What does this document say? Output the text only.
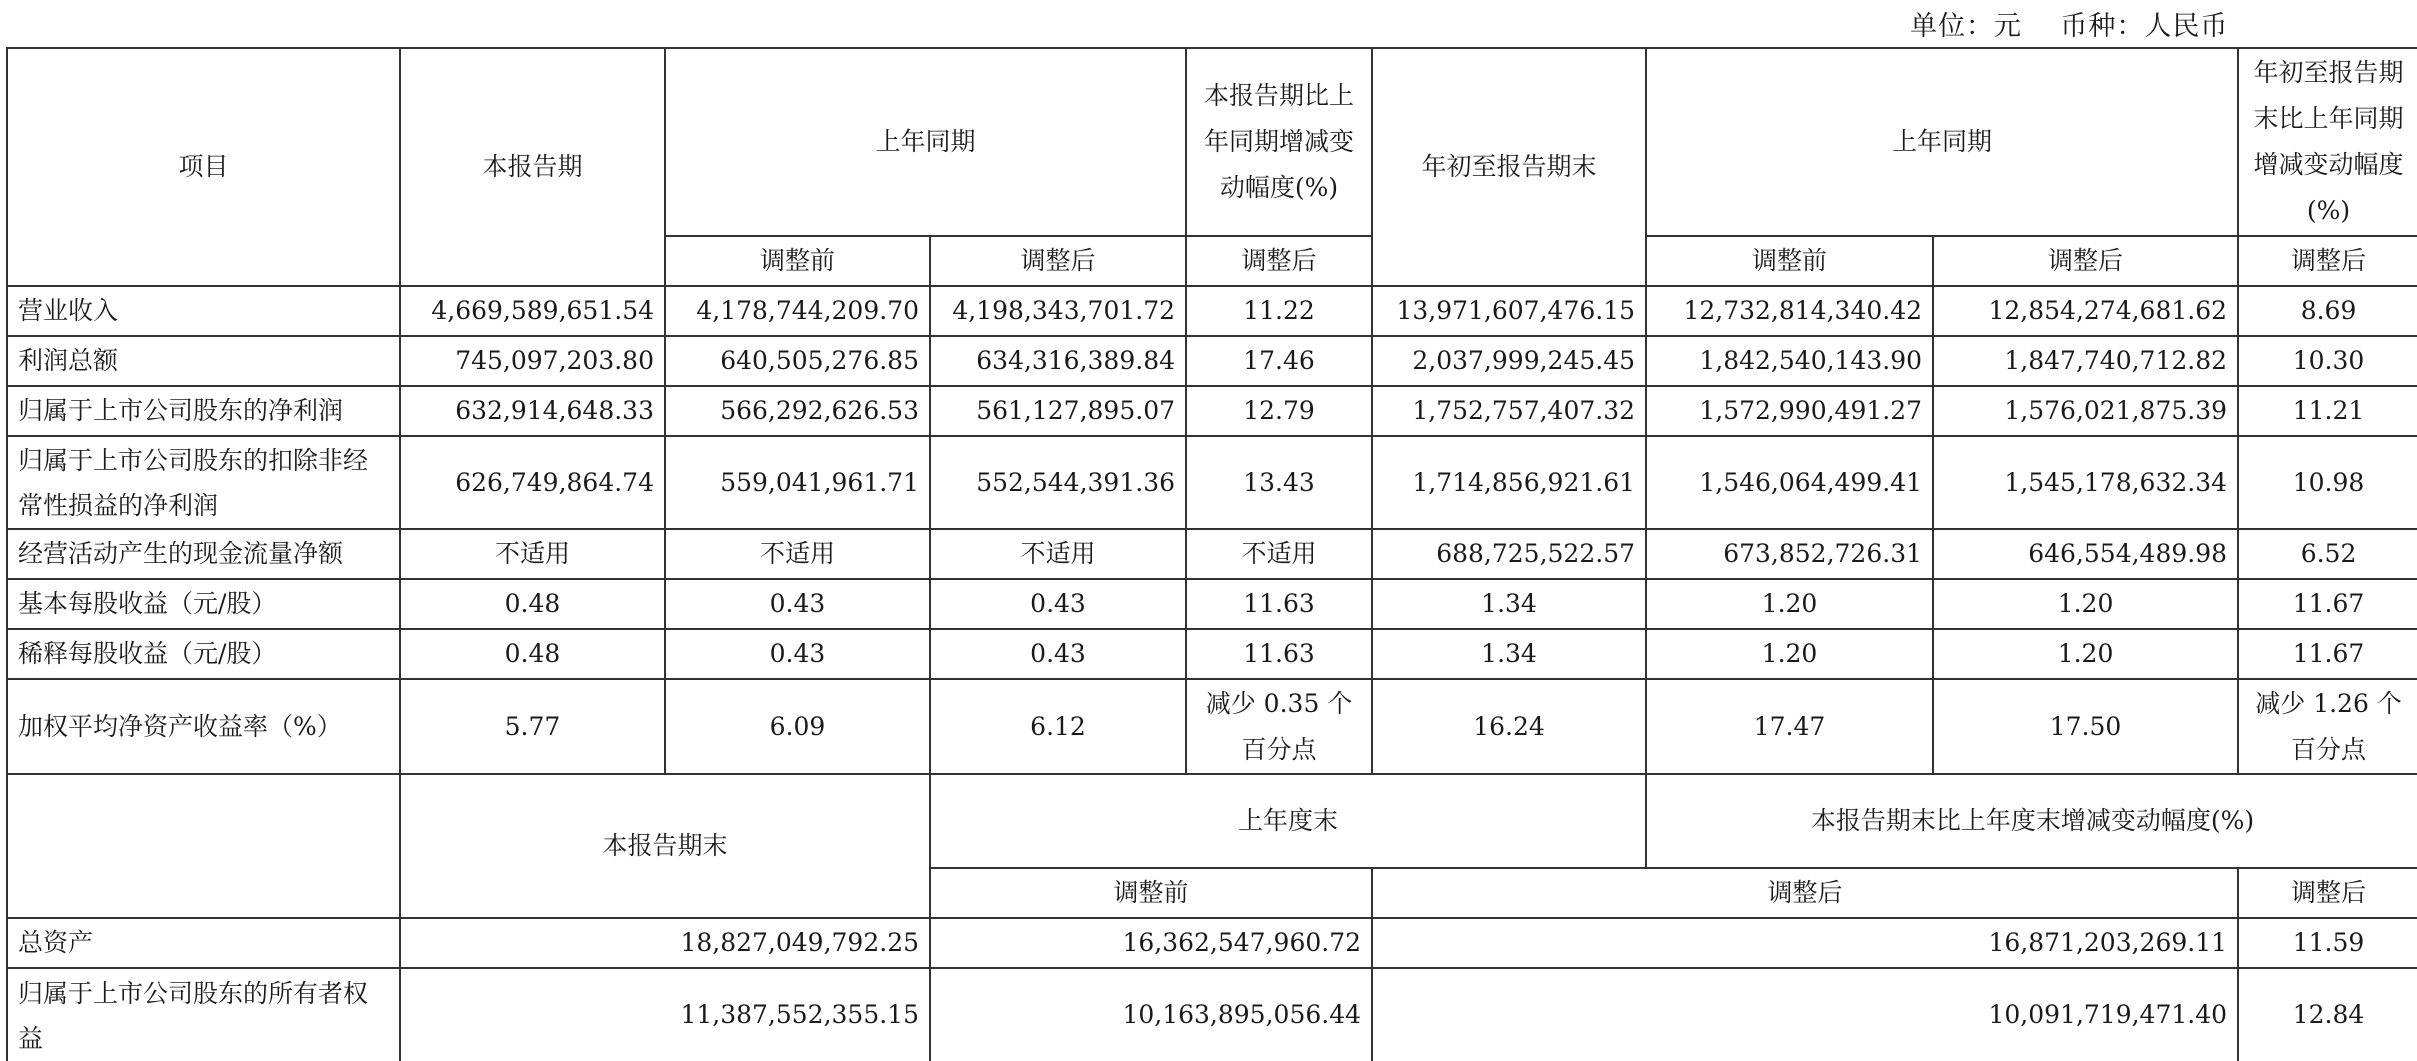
单位：元    币种：人民币
项目	本报告期	上年同期		本报告期比上年同期增减变动幅度(%)	年初至报告期末	上年同期		年初至报告期末比上年同期增减变动幅度(%)
		调整前	调整后	调整后		调整前	调整后	调整后
营业收入	4,669,589,651.54	4,178,744,209.70	4,198,343,701.72	11.22	13,971,607,476.15	12,732,814,340.42	12,854,274,681.62	8.69
利润总额	745,097,203.80	640,505,276.85	634,316,389.84	17.46	2,037,999,245.45	1,842,540,143.90	1,847,740,712.82	10.30
归属于上市公司股东的净利润	632,914,648.33	566,292,626.53	561,127,895.07	12.79	1,752,757,407.32	1,572,990,491.27	1,576,021,875.39	11.21
归属于上市公司股东的扣除非经常性损益的净利润	626,749,864.74	559,041,961.71	552,544,391.36	13.43	1,714,856,921.61	1,546,064,499.41	1,545,178,632.34	10.98
经营活动产生的现金流量净额	不适用	不适用	不适用	不适用	688,725,522.57	673,852,726.31	646,554,489.98	6.52
基本每股收益（元/股）	0.48	0.43	0.43	11.63	1.34	1.20	1.20	11.67
稀释每股收益（元/股）	0.48	0.43	0.43	11.63	1.34	1.20	1.20	11.67
加权平均净资产收益率（%）	5.77	6.09	6.12	减少 0.35 个百分点	16.24	17.47	17.50	减少 1.26 个百分点
	本报告期末		上年度末			本报告期末比上年度末增减变动幅度(%)		
			调整前		调整后			调整后
总资产	18,827,049,792.25		16,362,547,960.72		16,871,203,269.11			11.59
归属于上市公司股东的所有者权益	11,387,552,355.15		10,163,895,056.44		10,091,719,471.40			12.84
